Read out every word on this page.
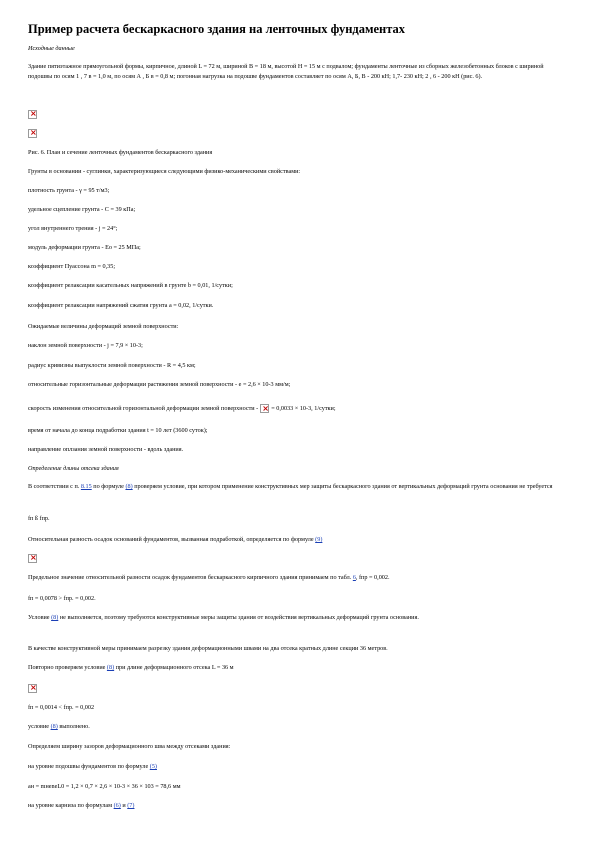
Пример расчета бескаркасного здания на ленточных фундаментах
Исходные данные
Здание пятиэтажное прямоугольной формы, кирпичное, длиной L = 72 м, шириной B = 18 м, высотой H = 15 м с подвалом; фундаменты ленточные из сборных железобетонных блоков с шириной подошвы по осям 1 , 7 в = 1,0 м, по осям А , Б в = 0,8 м; погонная нагрузка на подошве фундаментов составляет по осям А, Б, В - 200 кН; 1,7- 230 кН; 2 , 6 - 200 кН (рис. 6).
×
×
Рис. 6. План и сечение ленточных фундаментов бескаркасного здания
Грунты в основании - суглинки, характеризующиеся следующими физико-механическими свойствами:
плотность грунта - γ = 95 т/м3;
удельное сцепление грунта - С = 39 кПа;
угол внутреннего трения - j = 24°;
модуль деформации грунта - Ео = 25 МПа;
коэффициент Пуассона m = 0,35;
коэффициент релаксации касательных напряжений в грунте b = 0,01, 1/сутки;
коэффициент релаксации напряжений сжатия грунта а = 0,02, 1/сутки.
Ожидаемые величины деформаций земной поверхности:
наклон земной поверхности - j = 7,9 × 10-3;
радиус кривизны выпуклости земной поверхности - R = 4,5 км;
относительные горизонтальные деформации растяжения земной поверхности - e = 2,6 × 10-3 мм/м;
скорость изменения относительной горизонтальной деформации земной поверхности -× = 0,0033 × 10-3, 1/сутки;
время от начала до конца подработки здания t = 10 лет (3600 суток);
направление оплзания земной поверхности - вдоль здания.
Определение длины отсека здания
В соответствии с п. 8.15 по формуле (8) проверяем условие, при котором применение конструктивных мер защиты бескаркасного здания от вертикальных деформаций грунта основания не требуется
fп ß fпр.
Относительная разность осадок оснований фундаментов, вызванная подработкой, определяется по формуле (9)
×
Предельное значение относительной разности осадок фундаментов бескаркасного кирпичного здания принимаем по табл. 6, fпр = 0,002.
fп = 0,0078 > fпр. = 0,002.
Условие (8) не выполняется, поэтому требуются конструктивные меры защиты здания от воздействия вертикальных деформаций грунта основания.
В качестве конструктивной меры принимаем разрезку здания деформационными швами на два отсека кратных длине секции 36 метров.
Повторно проверяем условие (8) при длине деформационного отсека L = 36 м
×
fп = 0,0014 < fпр. = 0,002
условие (8) выполнено.
Определяем ширину зазоров деформационного шва между отсеками здания:
на уровне подошвы фундаментов по формуле (5)
ан = mнеnеL0 = 1,2 × 0,7 × 2,6 × 10-3 × 36 × 103 = 78,6 мм
на уровне карниза по формулам (6) и (7)
